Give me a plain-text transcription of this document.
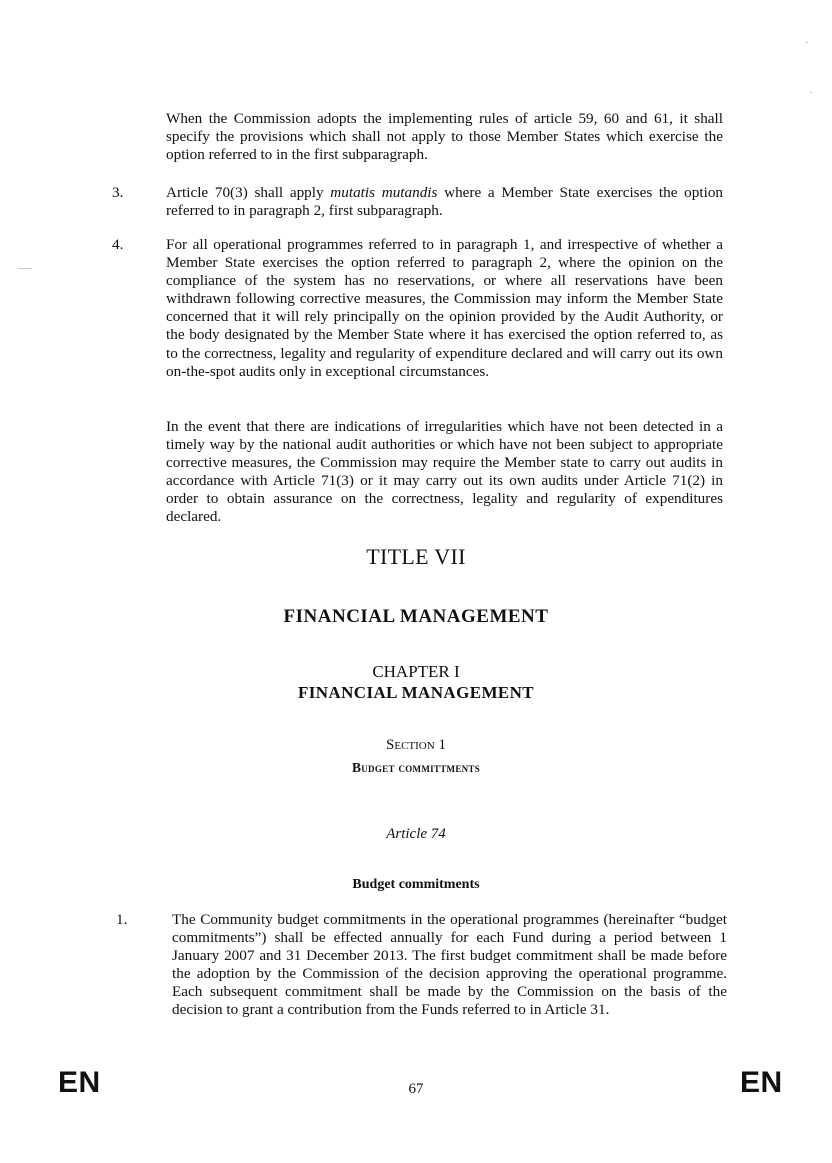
When the Commission adopts the implementing rules of article 59, 60 and 61, it shall specify the provisions which shall not apply to those Member States which exercise the option referred to in the first subparagraph.

3.	Article 70(3) shall apply mutatis mutandis where a Member State exercises the option referred to in paragraph 2, first subparagraph.

4.	For all operational programmes referred to in paragraph 1, and irrespective of whether a Member State exercises the option referred to paragraph 2, where the opinion on the compliance of the system has no reservations, or where all reservations have been withdrawn following corrective measures, the Commission may inform the Member State concerned that it will rely principally on the opinion provided by the Audit Authority, or the body designated by the Member State where it has exercised the option referred to, as to the correctness, legality and regularity of expenditure declared and will carry out its own on-the-spot audits only in exceptional circumstances.

In the event that there are indications of irregularities which have not been detected in a timely way by the national audit authorities or which have not been subject to appropriate corrective measures, the Commission may require the Member state to carry out audits in accordance with Article 71(3) or it may carry out its own audits under Article 71(2) in order to obtain assurance on the correctness, legality and regularity of expenditures declared.

TITLE VII
FINANCIAL MANAGEMENT
CHAPTER I
FINANCIAL MANAGEMENT
Section 1
Budget committments
Article 74
Budget commitments
1.	The Community budget commitments in the operational programmes (hereinafter “budget commitments”) shall be effected annually for each Fund during a period between 1 January 2007 and 31 December 2013. The first budget commitment shall be made before the adoption by the Commission of the decision approving the operational programme. Each subsequent commitment shall be made by the Commission on the basis of the decision to grant a contribution from the Funds referred to in Article 31.

EN	67	EN
